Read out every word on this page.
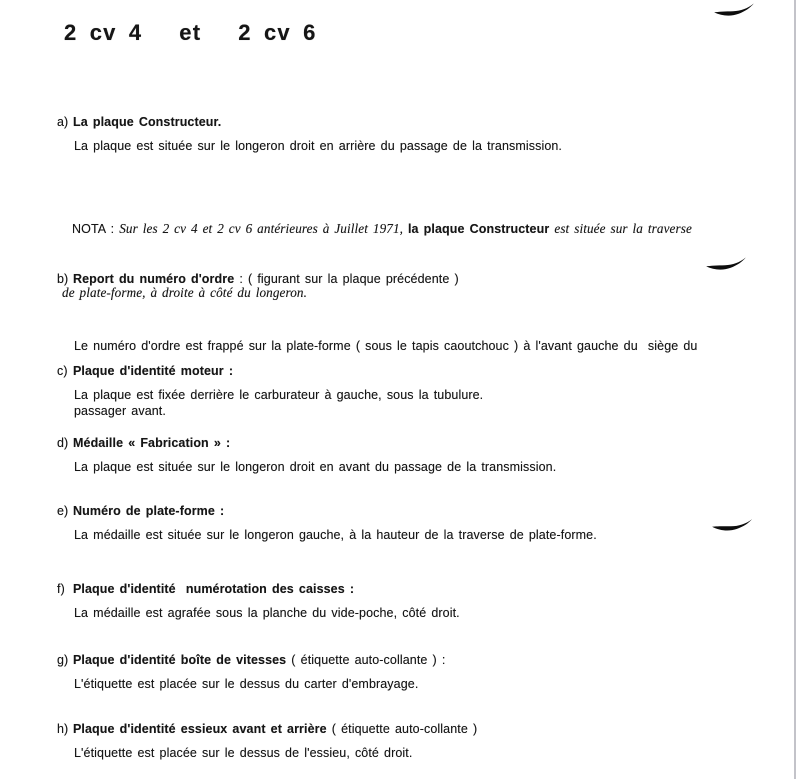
2 cv 4   et   2 cv 6
a) La plaque Constructeur.
La plaque est située sur le longeron droit en arrière du passage de la transmission.

NOTA : Sur les 2 cv 4 et 2 cv 6 antérieures à Juillet 1971, la plaque Constructeur est située sur la traverse

de plate-forme, à droite à côté du longeron.

b) Report du numéro d'ordre : ( figurant sur la plaque précédente )

Le numéro d'ordre est frappé sur la plate-forme ( sous le tapis caoutchouc ) à l'avant gauche du  siège du

passager avant.

c) Plaque d'identité moteur :
La plaque est fixée derrière le carburateur à gauche, sous la tubulure.
d) Médaille « Fabrication » :
La plaque est située sur le longeron droit en avant du passage de la transmission.
e) Numéro de plate-forme :
La médaille est située sur le longeron gauche, à la hauteur de la traverse de plate-forme.
f) Plaque d'identité  numérotation des caisses :
La médaille est agrafée sous la planche du vide-poche, côté droit.
g) Plaque d'identité boîte de vitesses ( étiquette auto-collante ) :
L'étiquette est placée sur le dessus du carter d'embrayage.
h) Plaque d'identité essieux avant et arrière ( étiquette auto-collante )
L'étiquette est placée sur le dessus de l'essieu, côté droit.
